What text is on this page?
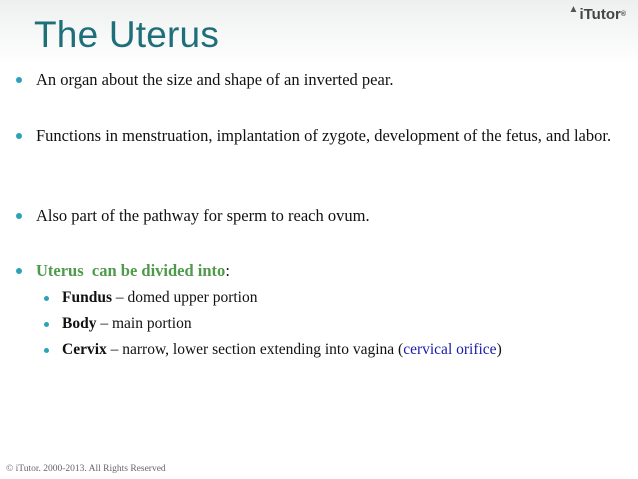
The Uterus
▲ iTutor ®
An organ about the size and shape of an inverted pear.
Functions in menstruation, implantation of zygote, development of the fetus, and labor.
Also part of the pathway for sperm to reach ovum.
Uterus  can be divided into:
Fundus – domed upper portion
Body – main portion
Cervix – narrow, lower section extending into vagina (cervical orifice)
© iTutor. 2000-2013. All Rights Reserved
